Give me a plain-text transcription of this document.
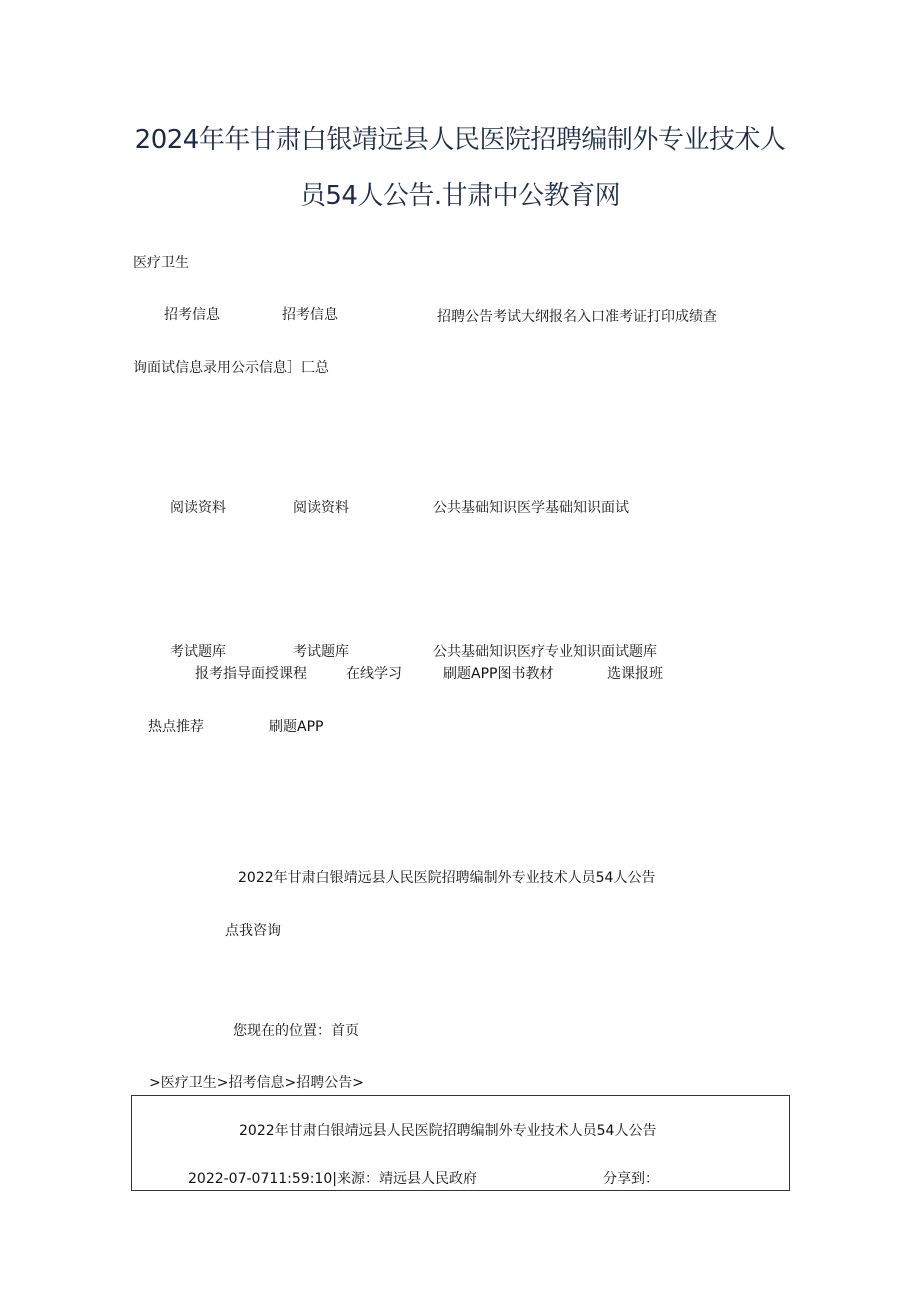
2024年年甘肃白银靖远县人民医院招聘编制外专业技术人
员54人公告.甘肃中公教育网
医疗卫生
招考信息	招考信息	招聘公告考试大纲报名入口准考证打印成绩查
询面试信息录用公示信息］匚总
阅读资料	阅读资料	公共基础知识医学基础知识面试
考试题库	考试题库	公共基础知识医疗专业知识面试题库
报考指导面授课程	在线学习	刷题APP图书教材	选课报班
热点推荐	刷题APP
2022年甘肃白银靖远县人民医院招聘编制外专业技术人员54人公告
点我咨询
您现在的位置：首页
>医疗卫生>招考信息>招聘公告>
2022年甘肃白银靖远县人民医院招聘编制外专业技术人员54人公告
2022-07-0711:59:10|来源：靖远县人民政府	分享到：
